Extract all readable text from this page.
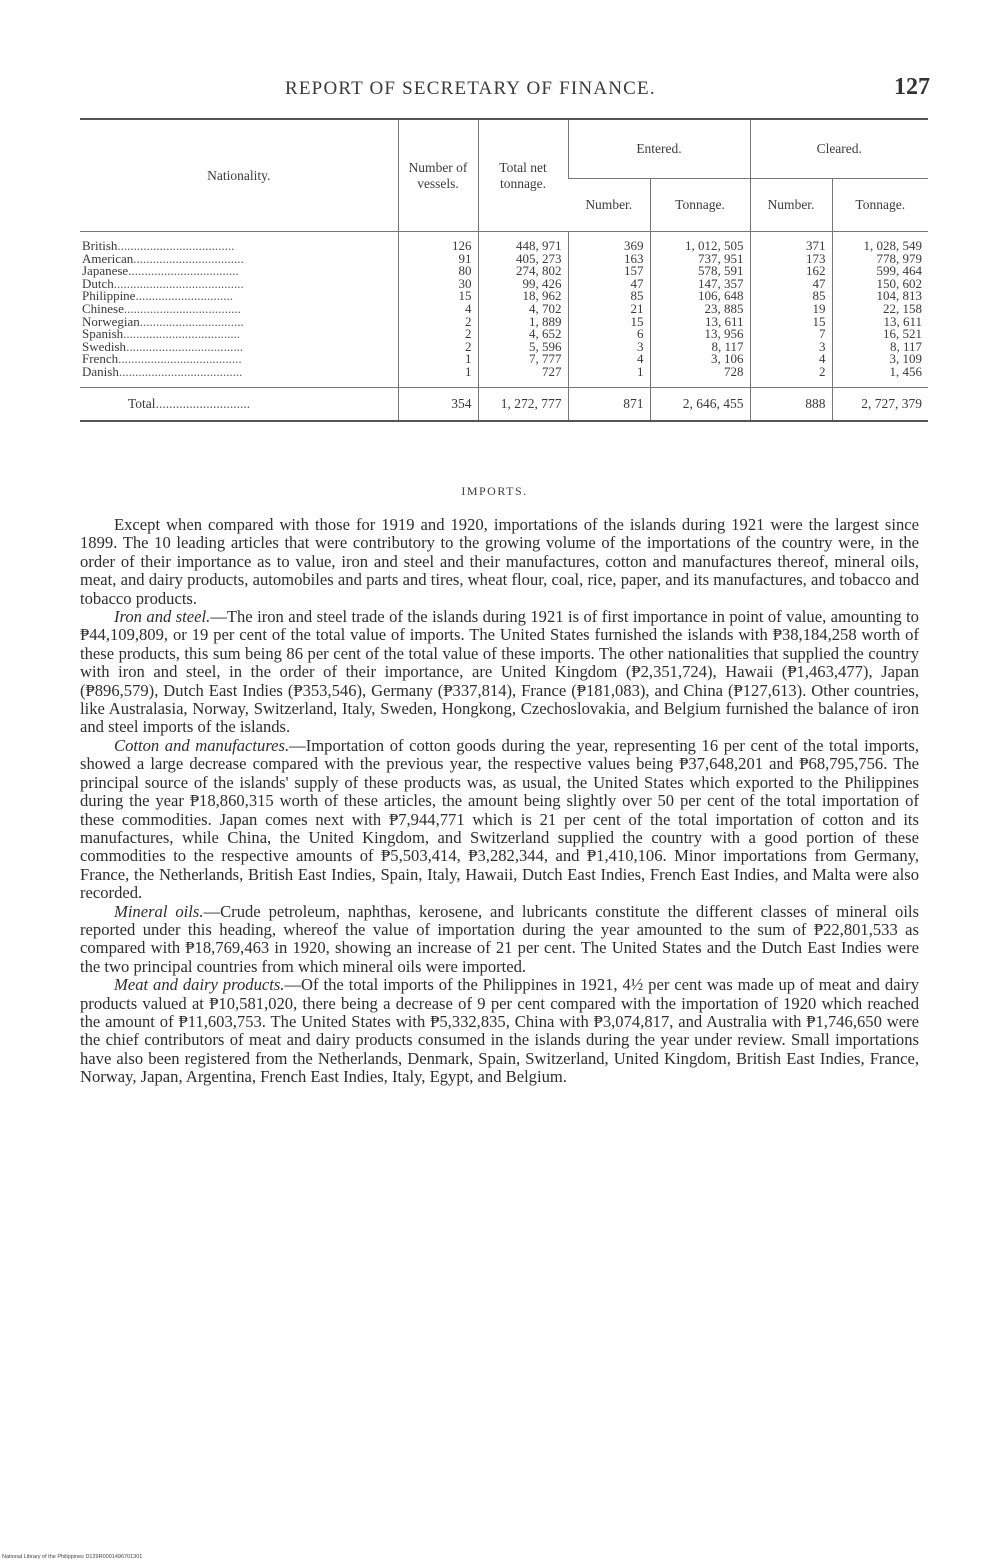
REPORT OF SECRETARY OF FINANCE.	127
Nationality.	Number of vessels.	Total net tonnage.	Entered.		Cleared.	
			Number.	Tonnage.	Number.	Tonnage.
British....................................	126	448, 971	369	1, 012, 505	371	1, 028, 549
American..................................	91	405, 273	163	737, 951	173	778, 979
Japanese..................................	80	274, 802	157	578, 591	162	599, 464
Dutch........................................	30	99, 426	47	147, 357	47	150, 602
Philippine..............................	15	18, 962	85	106, 648	85	104, 813
Chinese....................................	4	4, 702	21	23, 885	19	22, 158
Norwegian................................	2	1, 889	15	13, 611	15	13, 611
Spanish....................................	2	4, 652	6	13, 956	7	16, 521
Swedish....................................	2	5, 596	3	8, 117	3	8, 117
French......................................	1	7, 777	4	3, 106	4	3, 109
Danish......................................	1	727	1	728	2	1, 456
Total............................	354	1, 272, 777	871	2, 646, 455	888	2, 727, 379
IMPORTS.

Except when compared with those for 1919 and 1920, importations of the islands during 1921 were the largest since 1899. The 10 leading articles that were contributory to the growing volume of the importations of the country were, in the order of their importance as to value, iron and steel and their manufactures, cotton and manufactures thereof, mineral oils, meat, and dairy products, automobiles and parts and tires, wheat flour, coal, rice, paper, and its manufactures, and tobacco and tobacco products.

Iron and steel.—The iron and steel trade of the islands during 1921 is of first importance in point of value, amounting to ₱44,109,809, or 19 per cent of the total value of imports. The United States furnished the islands with ₱38,184,258 worth of these products, this sum being 86 per cent of the total value of these imports. The other nationalities that supplied the country with iron and steel, in the order of their importance, are United Kingdom (₱2,351,724), Hawaii (₱1,463,477), Japan (₱896,579), Dutch East Indies (₱353,546), Germany (₱337,814), France (₱181,083), and China (₱127,613). Other countries, like Australasia, Norway, Switzerland, Italy, Sweden, Hongkong, Czechoslovakia, and Belgium furnished the balance of iron and steel imports of the islands.

Cotton and manufactures.—Importation of cotton goods during the year, representing 16 per cent of the total imports, showed a large decrease compared with the previous year, the respective values being ₱37,648,201 and ₱68,795,756. The principal source of the islands' supply of these products was, as usual, the United States which exported to the Philippines during the year ₱18,860,315 worth of these articles, the amount being slightly over 50 per cent of the total importation of these commodities. Japan comes next with ₱7,944,771 which is 21 per cent of the total importation of cotton and its manufactures, while China, the United Kingdom, and Switzerland supplied the country with a good portion of these commodities to the respective amounts of ₱5,503,414, ₱3,282,344, and ₱1,410,106. Minor importations from Germany, France, the Netherlands, British East Indies, Spain, Italy, Hawaii, Dutch East Indies, French East Indies, and Malta were also recorded.

Mineral oils.—Crude petroleum, naphthas, kerosene, and lubricants constitute the different classes of mineral oils reported under this heading, whereof the value of importation during the year amounted to the sum of ₱22,801,533 as compared with ₱18,769,463 in 1920, showing an increase of 21 per cent. The United States and the Dutch East Indies were the two principal countries from which mineral oils were imported.

Meat and dairy products.—Of the total imports of the Philippines in 1921, 4½ per cent was made up of meat and dairy products valued at ₱10,581,020, there being a decrease of 9 per cent compared with the importation of 1920 which reached the amount of ₱11,603,753. The United States with ₱5,332,835, China with ₱3,074,817, and Australia with ₱1,746,650 were the chief contributors of meat and dairy products consumed in the islands during the year under review. Small importations have also been registered from the Netherlands, Denmark, Spain, Switzerland, United Kingdom, British East Indies, France, Norway, Japan, Argentina, French East Indies, Italy, Egypt, and Belgium.

National Library of the Philippines D129R0001496701301
